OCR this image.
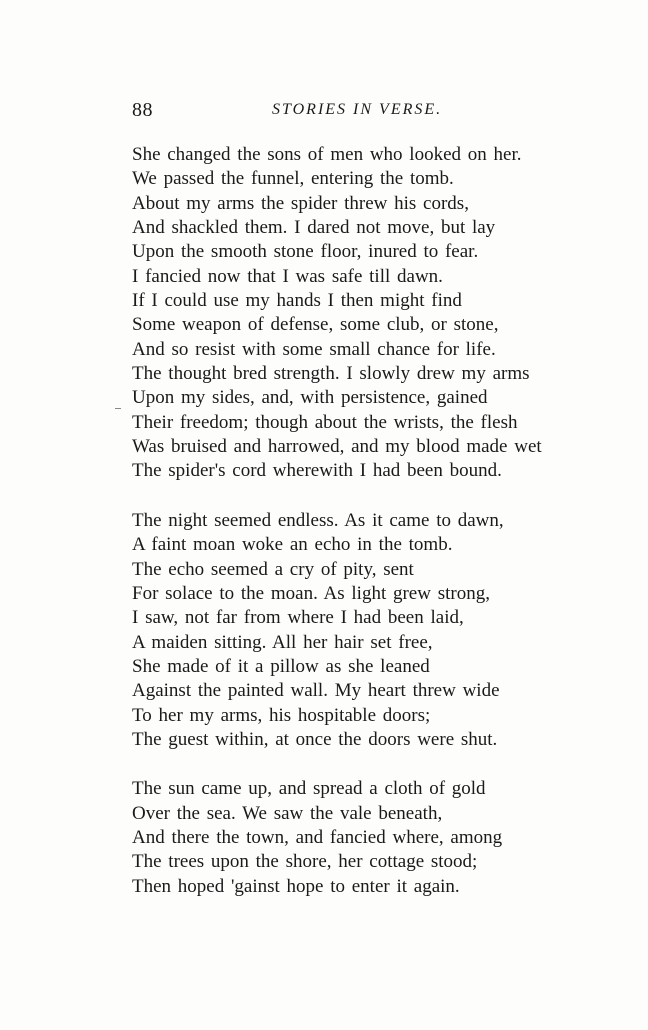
88	STORIES IN VERSE.
She changed the sons of men who looked on her.
We passed the funnel, entering the tomb.
About my arms the spider threw his cords,
And shackled them. I dared not move, but lay
Upon the smooth stone floor, inured to fear.
I fancied now that I was safe till dawn.
If I could use my hands I then might find
Some weapon of defense, some club, or stone,
And so resist with some small chance for life.
The thought bred strength. I slowly drew my arms
Upon my sides, and, with persistence, gained
Their freedom; though about the wrists, the flesh
Was bruised and harrowed, and my blood made wet
The spider's cord wherewith I had been bound.
The night seemed endless. As it came to dawn,
A faint moan woke an echo in the tomb.
The echo seemed a cry of pity, sent
For solace to the moan. As light grew strong,
I saw, not far from where I had been laid,
A maiden sitting. All her hair set free,
She made of it a pillow as she leaned
Against the painted wall. My heart threw wide
To her my arms, his hospitable doors;
The guest within, at once the doors were shut.
The sun came up, and spread a cloth of gold
Over the sea. We saw the vale beneath,
And there the town, and fancied where, among
The trees upon the shore, her cottage stood;
Then hoped 'gainst hope to enter it again.
